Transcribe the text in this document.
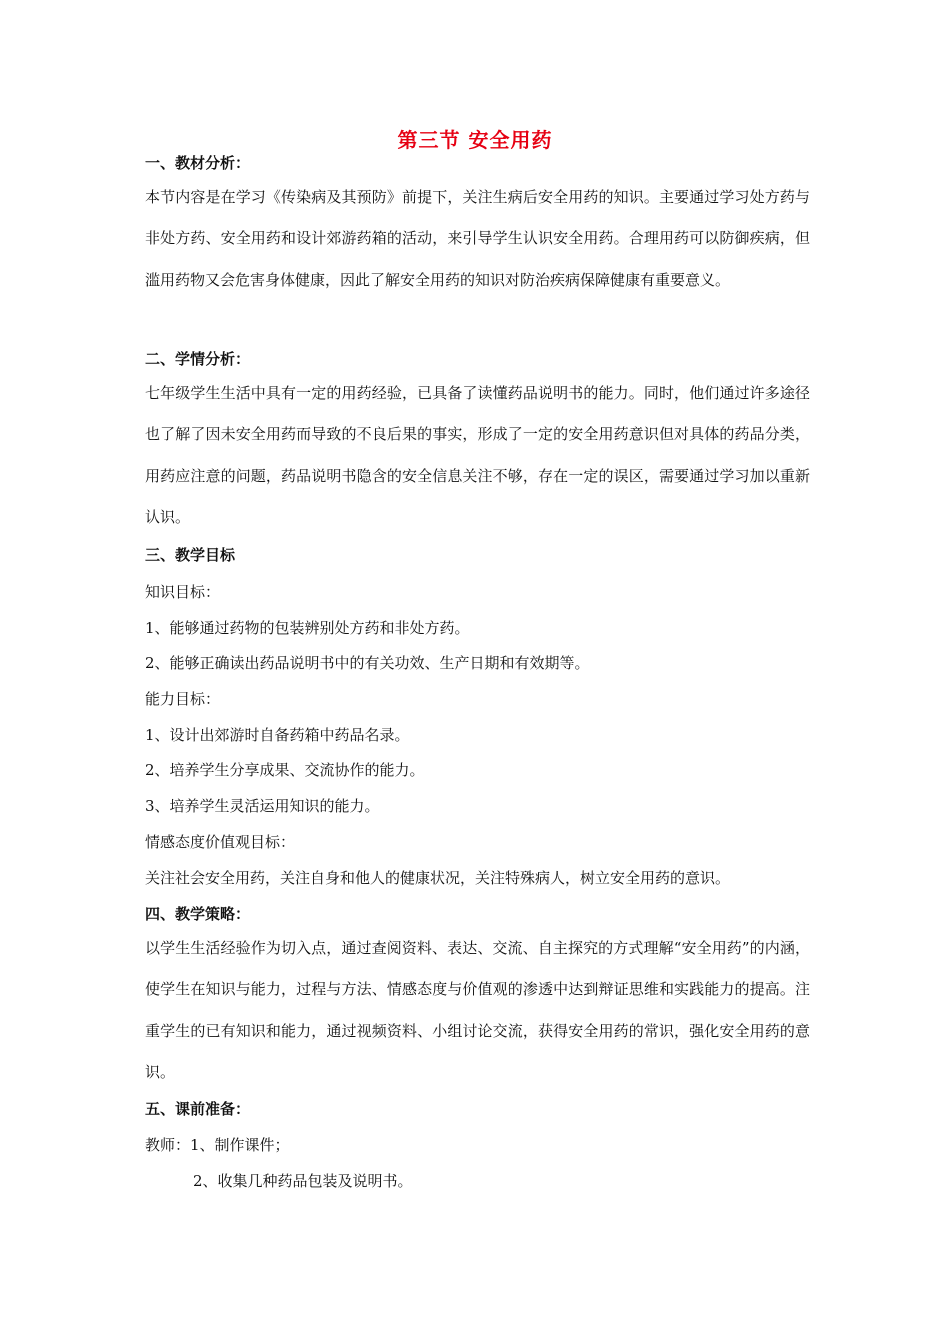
第三节 安全用药
一、教材分析：
本节内容是在学习《传染病及其预防》前提下，关注生病后安全用药的知识。主要通过学习处方药与非处方药、安全用药和设计郊游药箱的活动，来引导学生认识安全用药。合理用药可以防御疾病，但滥用药物又会危害身体健康，因此了解安全用药的知识对防治疾病保障健康有重要意义。
二、学情分析：
七年级学生生活中具有一定的用药经验，已具备了读懂药品说明书的能力。同时，他们通过许多途径也了解了因未安全用药而导致的不良后果的事实，形成了一定的安全用药意识但对具体的药品分类，用药应注意的问题，药品说明书隐含的安全信息关注不够，存在一定的误区，需要通过学习加以重新认识。
三、教学目标
知识目标：
1、能够通过药物的包装辨别处方药和非处方药。
2、能够正确读出药品说明书中的有关功效、生产日期和有效期等。
能力目标：
1、设计出郊游时自备药箱中药品名录。
2、培养学生分享成果、交流协作的能力。
3、培养学生灵活运用知识的能力。
情感态度价值观目标：
关注社会安全用药，关注自身和他人的健康状况，关注特殊病人，树立安全用药的意识。
四、教学策略：
以学生生活经验作为切入点，通过查阅资料、表达、交流、自主探究的方式理解“安全用药”的内涵，使学生在知识与能力，过程与方法、情感态度与价值观的渗透中达到辩证思维和实践能力的提高。注重学生的已有知识和能力，通过视频资料、小组讨论交流，获得安全用药的常识，强化安全用药的意识。
五、课前准备：
教师：1、制作课件；
2、收集几种药品包装及说明书。
